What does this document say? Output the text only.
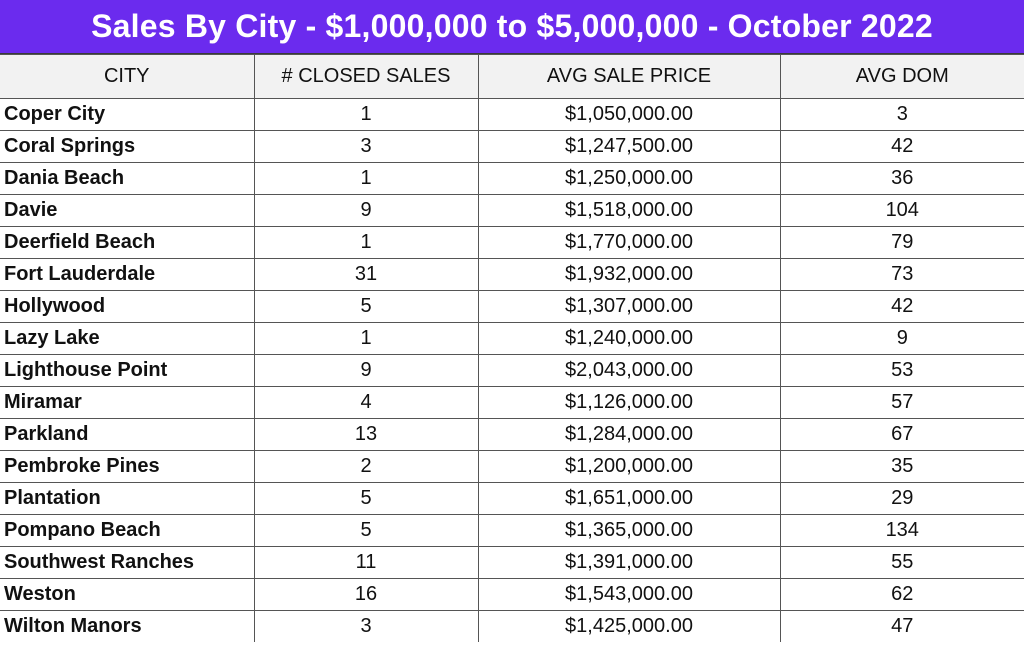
Sales By City - $1,000,000 to $5,000,000 - October 2022
CITY	# CLOSED SALES	AVG SALE PRICE	AVG DOM
Coper City	1	$1,050,000.00	3
Coral Springs	3	$1,247,500.00	42
Dania Beach	1	$1,250,000.00	36
Davie	9	$1,518,000.00	104
Deerfield Beach	1	$1,770,000.00	79
Fort Lauderdale	31	$1,932,000.00	73
Hollywood	5	$1,307,000.00	42
Lazy Lake	1	$1,240,000.00	9
Lighthouse Point	9	$2,043,000.00	53
Miramar	4	$1,126,000.00	57
Parkland	13	$1,284,000.00	67
Pembroke Pines	2	$1,200,000.00	35
Plantation	5	$1,651,000.00	29
Pompano Beach	5	$1,365,000.00	134
Southwest Ranches	11	$1,391,000.00	55
Weston	16	$1,543,000.00	62
Wilton Manors	3	$1,425,000.00	47
